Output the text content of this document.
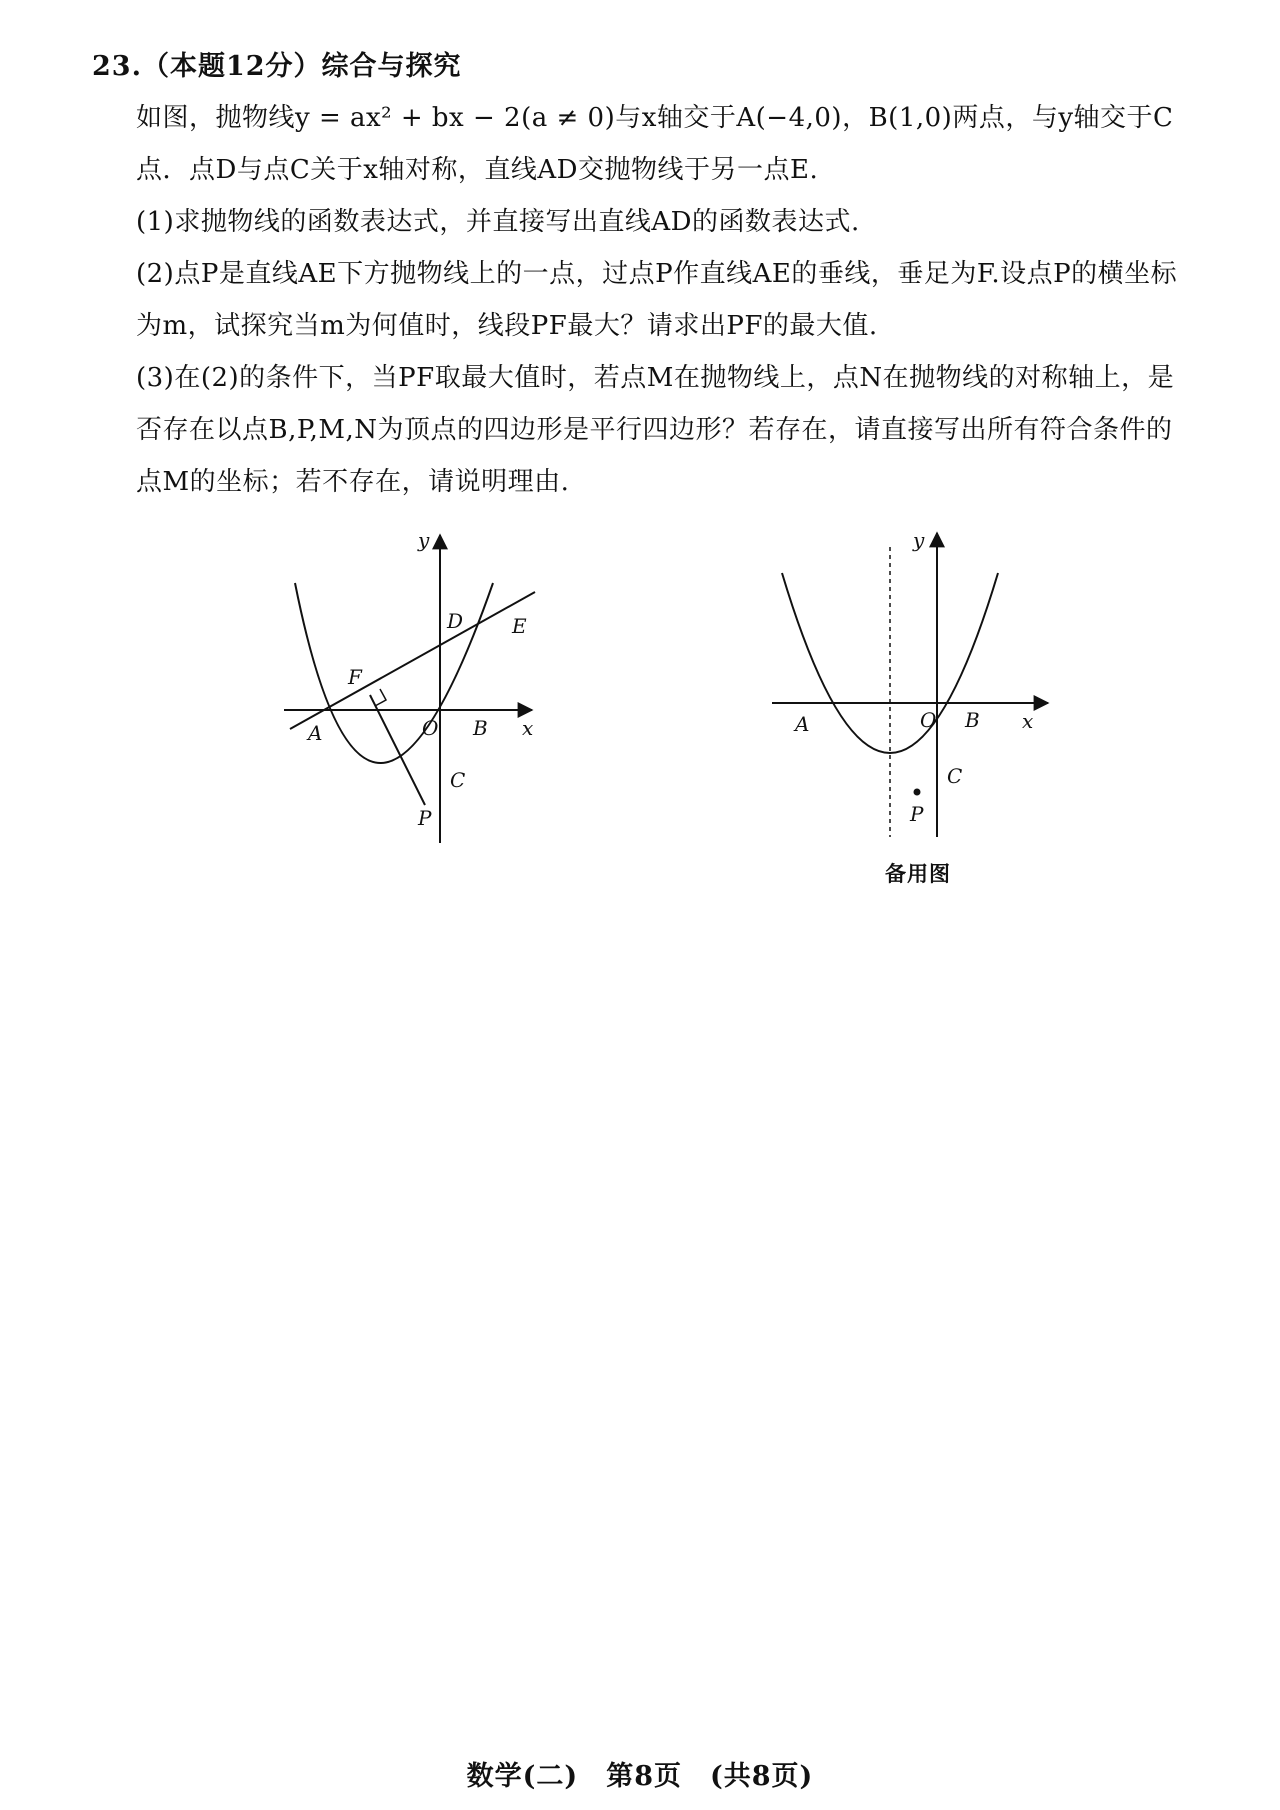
23.（本题12分）综合与探究
如图，抛物线y = ax² + bx − 2(a ≠ 0)与x轴交于A(−4,0)，B(1,0)两点，与y轴交于C点．点D与点C关于x轴对称，直线AD交抛物线于另一点E.
(1)求抛物线的函数表达式，并直接写出直线AD的函数表达式.
(2)点P是直线AE下方抛物线上的一点，过点P作直线AE的垂线，垂足为F.设点P的横坐标为m，试探究当m为何值时，线段PF最大？请求出PF的最大值.
(3)在(2)的条件下，当PF取最大值时，若点M在抛物线上，点N在抛物线的对称轴上，是否存在以点B,P,M,N为顶点的四边形是平行四边形？若存在，请直接写出所有符合条件的点M的坐标；若不存在，请说明理由.
y
x
A	B
O
C
P
D E
F
y
x
A	B
O
C
P
备用图
数学(二)　第8页　(共8页)
